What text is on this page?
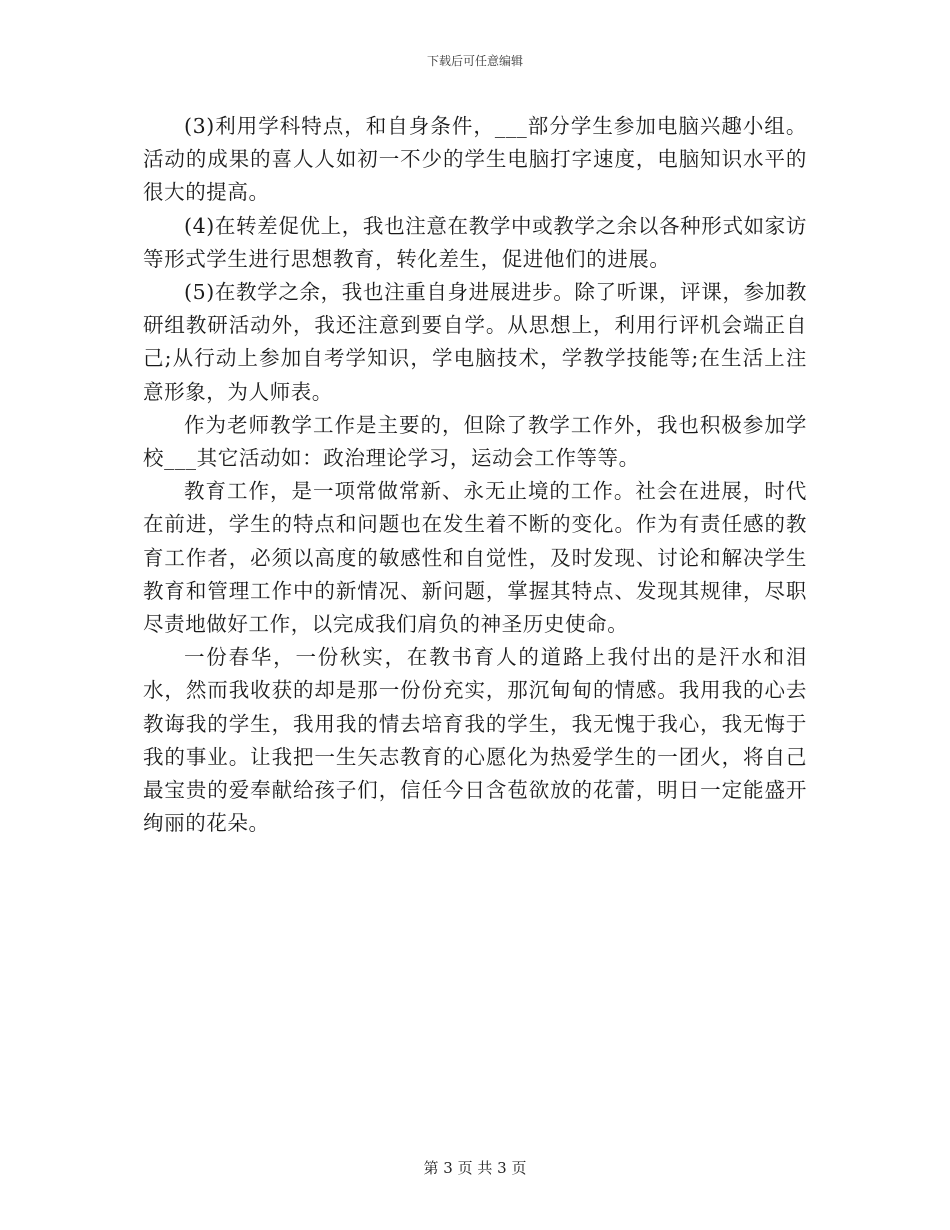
下载后可任意编辑

(3)利用学科特点，和自身条件，___部分学生参加电脑兴趣小组。活动的成果的喜人人如初一不少的学生电脑打字速度，电脑知识水平的很大的提高。

(4)在转差促优上，我也注意在教学中或教学之余以各种形式如家访等形式学生进行思想教育，转化差生，促进他们的进展。

(5)在教学之余，我也注重自身进展进步。除了听课，评课，参加教研组教研活动外，我还注意到要自学。从思想上，利用行评机会端正自己;从行动上参加自考学知识，学电脑技术，学教学技能等;在生活上注意形象，为人师表。

作为老师教学工作是主要的，但除了教学工作外，我也积极参加学校___其它活动如：政治理论学习，运动会工作等等。

教育工作，是一项常做常新、永无止境的工作。社会在进展，时代在前进，学生的特点和问题也在发生着不断的变化。作为有责任感的教育工作者，必须以高度的敏感性和自觉性，及时发现、讨论和解决学生教育和管理工作中的新情况、新问题，掌握其特点、发现其规律，尽职尽责地做好工作，以完成我们肩负的神圣历史使命。

一份春华，一份秋实，在教书育人的道路上我付出的是汗水和泪水，然而我收获的却是那一份份充实，那沉甸甸的情感。我用我的心去教诲我的学生，我用我的情去培育我的学生，我无愧于我心，我无悔于我的事业。让我把一生矢志教育的心愿化为热爱学生的一团火，将自己最宝贵的爱奉献给孩子们，信任今日含苞欲放的花蕾，明日一定能盛开绚丽的花朵。

第 3 页 共 3 页
